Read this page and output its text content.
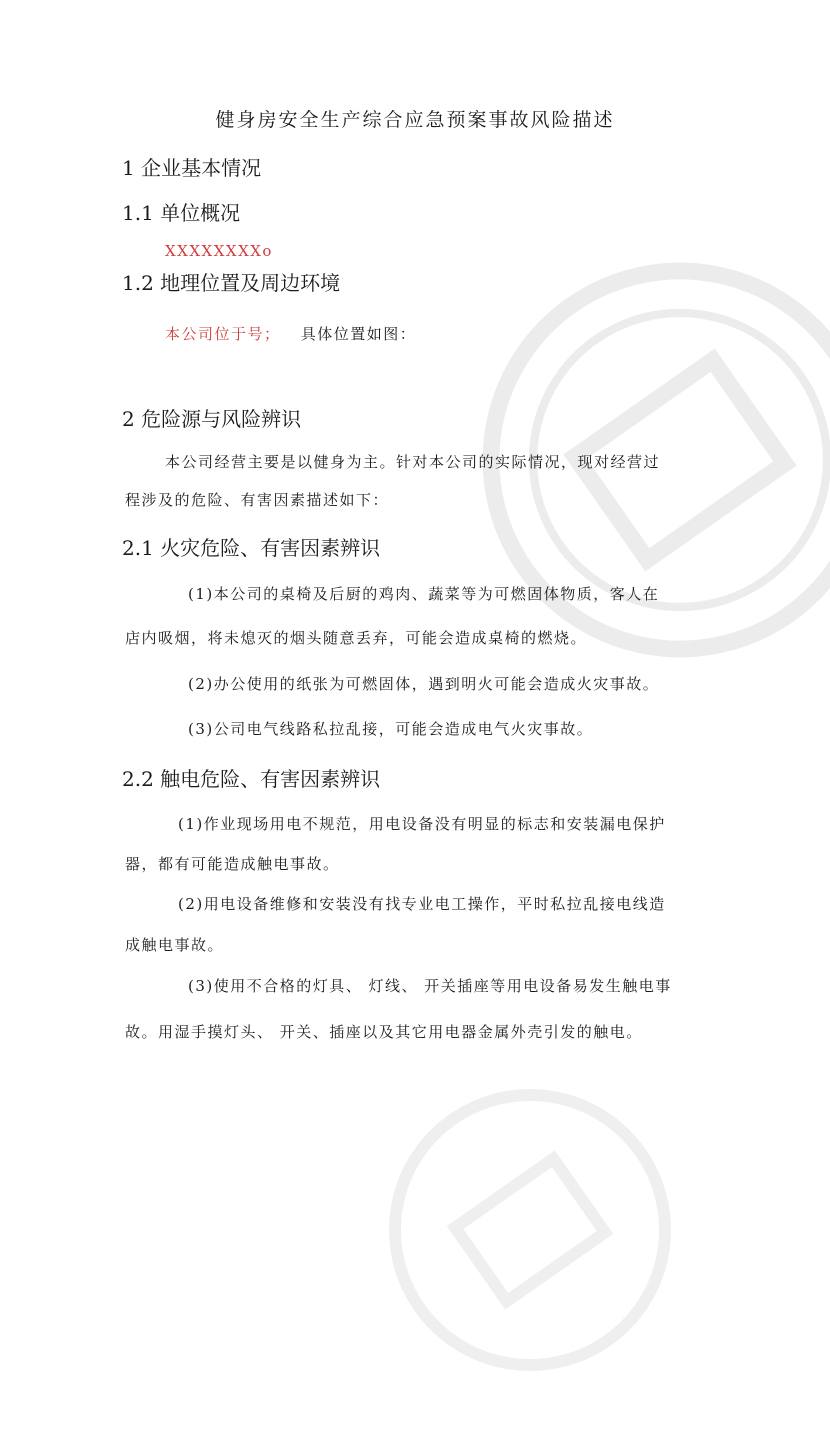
健身房安全生产综合应急预案事故风险描述
1 企业基本情况
1.1 单位概况
XXXXXXXXo
1.2 地理位置及周边环境
本公司位于号； 具体位置如图：
2 危险源与风险辨识
本公司经营主要是以健身为主。针对本公司的实际情况，现对经营过
程涉及的危险、有害因素描述如下：
2.1 火灾危险、有害因素辨识
(1)本公司的桌椅及后厨的鸡肉、蔬菜等为可燃固体物质，客人在
店内吸烟，将未熄灭的烟头随意丢弃，可能会造成桌椅的燃烧。
(2)办公使用的纸张为可燃固体，遇到明火可能会造成火灾事故。
(3)公司电气线路私拉乱接，可能会造成电气火灾事故。
2.2 触电危险、有害因素辨识
(1)作业现场用电不规范，用电设备没有明显的标志和安装漏电保护
器，都有可能造成触电事故。
(2)用电设备维修和安装没有找专业电工操作，平时私拉乱接电线造
成触电事故。
(3)使用不合格的灯具、 灯线、 开关插座等用电设备易发生触电事
故。用湿手摸灯头、 开关、插座以及其它用电器金属外壳引发的触电。
